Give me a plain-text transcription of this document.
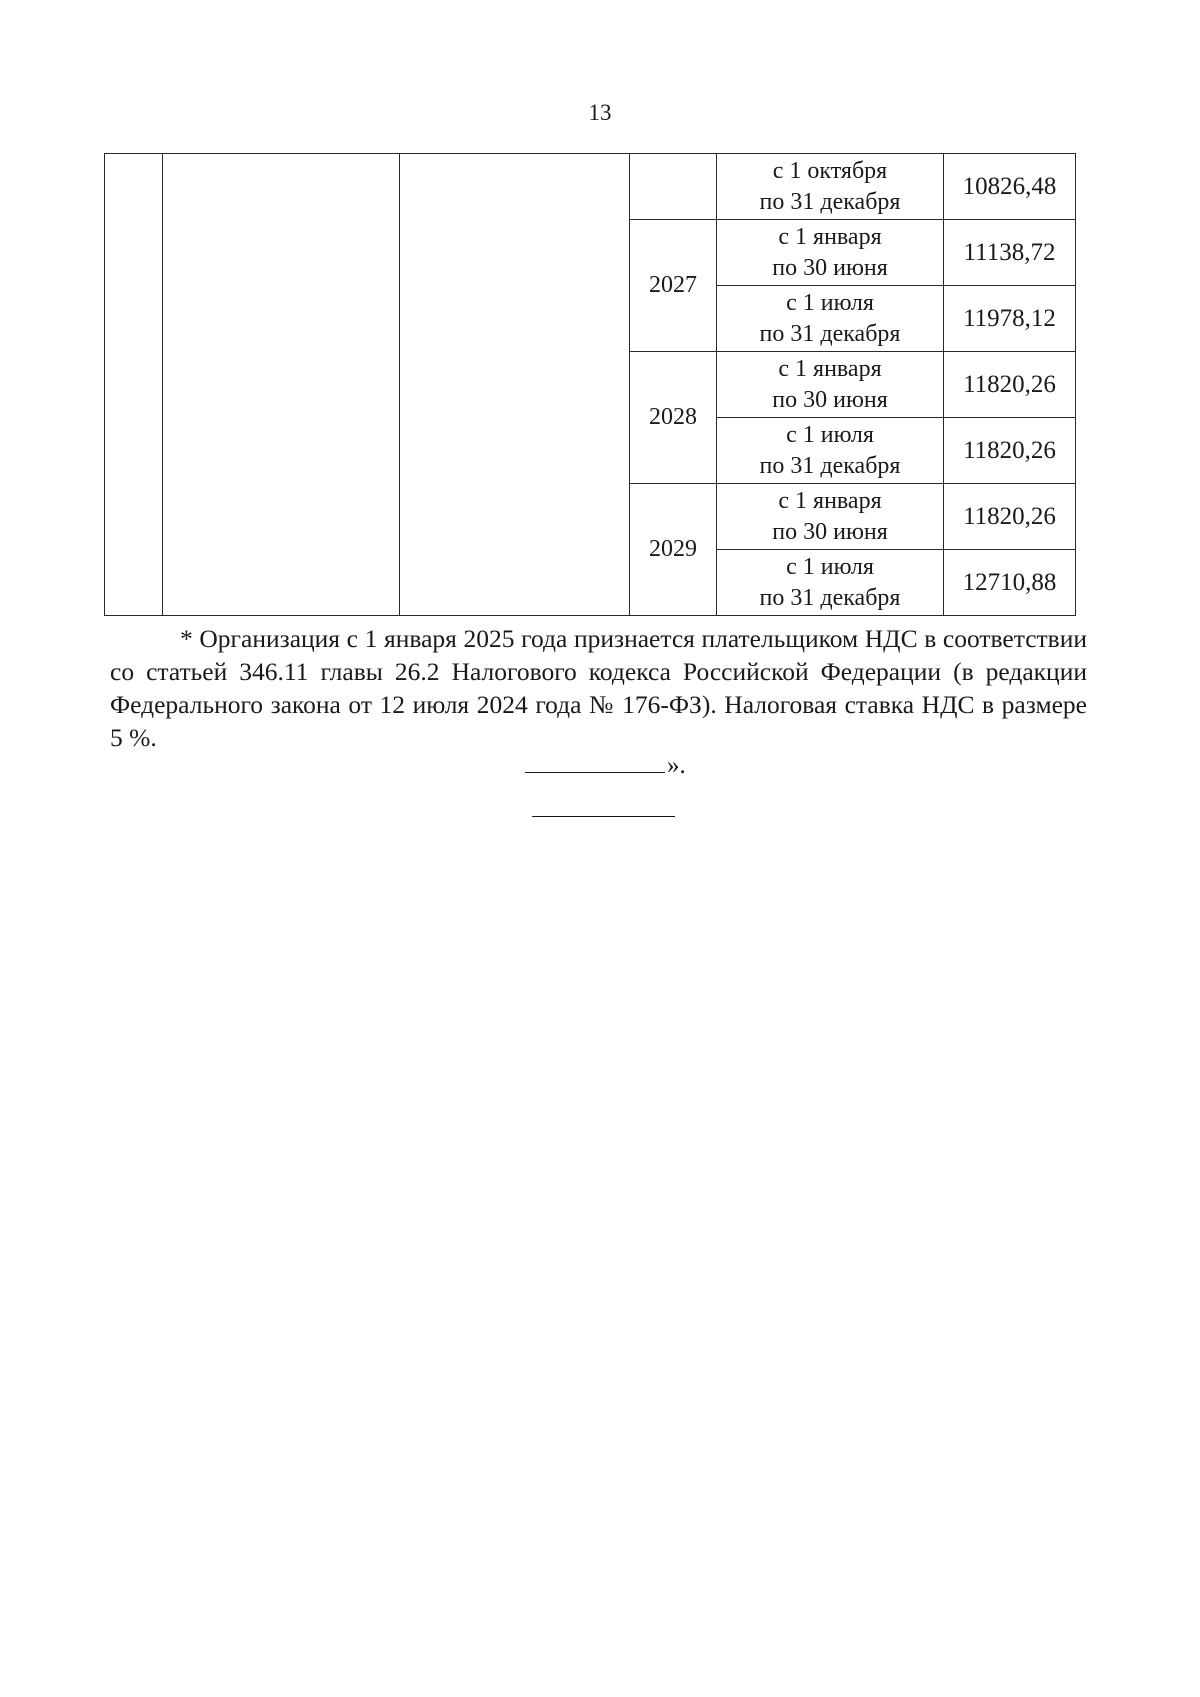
13
				с 1 октября
по 31 декабря	10826,48
			2027	с 1 января
по 30 июня	11138,72
				с 1 июля
по 31 декабря	11978,12
			2028	с 1 января
по 30 июня	11820,26
				с 1 июля
по 31 декабря	11820,26
			2029	с 1 января
по 30 июня	11820,26
				с 1 июля
по 31 декабря	12710,88
* Организация с 1 января 2025 года признается плательщиком НДС в соответствии со статьей 346.11 главы 26.2 Налогового кодекса Российской Федерации (в редакции Федерального закона от 12 июля 2024 года № 176-ФЗ). Налоговая ставка НДС в размере 5 %.
».
